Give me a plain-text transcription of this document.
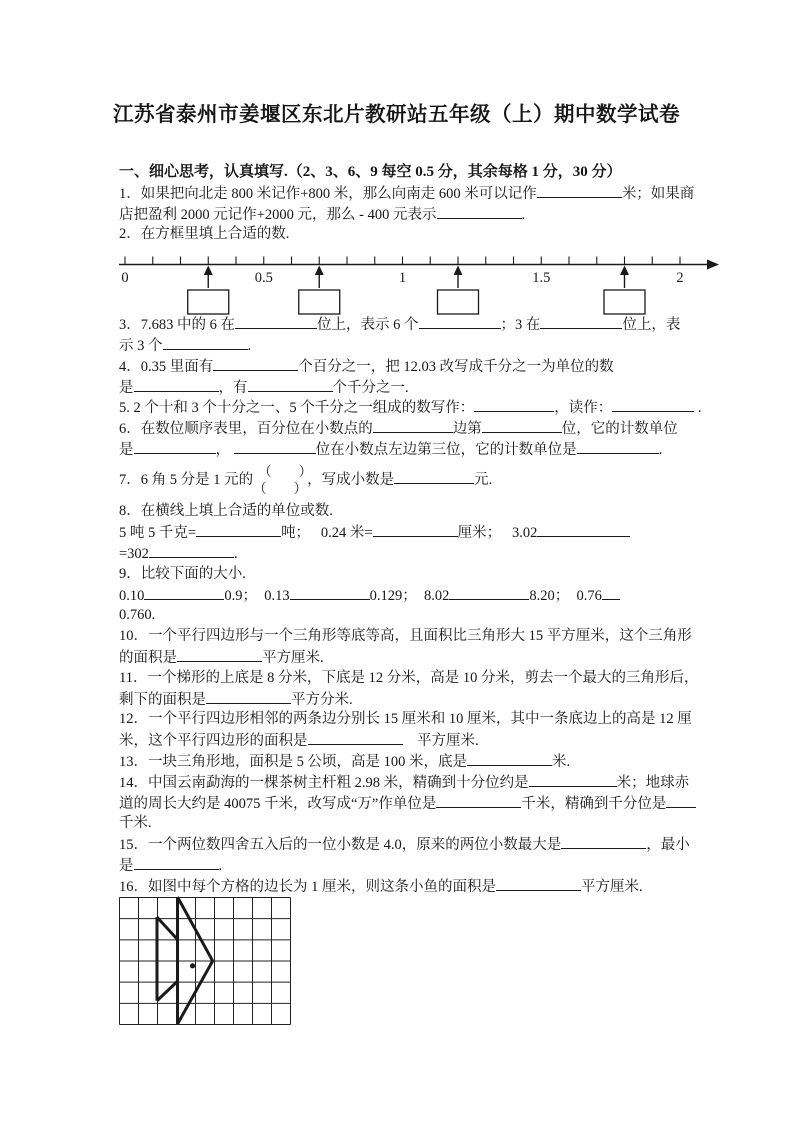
江苏省泰州市姜堰区东北片教研站五年级（上）期中数学试卷
一、细心思考，认真填写.（2、3、6、9 每空 0.5 分，其余每格 1 分，30 分）
1．如果把向北走 800 米记作+800 米，那么向南走 600 米可以记作	米；如果商
店把盈利 2000 元记作+2000 元，那么 - 400 元表示	.
2．在方框里填上合适的数.
0	0.5	1	1.5	2
3．7.683 中的 6 在	位上，表示 6 个	；3 在	位上，表
示 3 个	.
4．0.35 里面有	个百分之一，把 12.03 改写成千分之一为单位的数
是	，有	个千分之一.
5. 2 个十和 3 个十分之一、5 个千分之一组成的数写作：	，读作：	.
6．在数位顺序表里，百分位在小数点的	边第	位，它的计数单位
是	，	位在小数点左边第三位，它的计数单位是	.
7．6 角 5 分是 1 元的 （　　）
（　　）
，写成小数是	元.
8．在横线上填上合适的单位或数.
5 吨 5 千克=	吨；　 0.24 米=	厘米；　 3.02
=302	.
9．比较下面的大小.
0.10	0.9；　0.13	0.129；　8.02	8.20；　0.76
0.760.
10．一个平行四边形与一个三角形等底等高，且面积比三角形大 15 平方厘米，这个三角形
的面积是	平方厘米.
11．一个梯形的上底是 8 分米，下底是 12 分米，高是 10 分米，剪去一个最大的三角形后，
剩下的面积是	平方分米.
12．一个平行四边形相邻的两条边分别长 15 厘米和 10 厘米，其中一条底边上的高是 12 厘
米，这个平行四边形的面积是	　平方厘米.
13．一块三角形地，面积是 5 公顷，高是 100 米，底是	米.
14．中国云南勐海的一棵茶树主杆粗 2.98 米，精确到十分位约是	米；地球赤
道的周长大约是 40075 千米，改写成“万”作单位是	千米，精确到千分位是
千米.
15．一个两位数四舍五入后的一位小数是 4.0，原来的两位小数最大是	，最小
是	.
16．如图中每个方格的边长为 1 厘米，则这条小鱼的面积是	平方厘米.
